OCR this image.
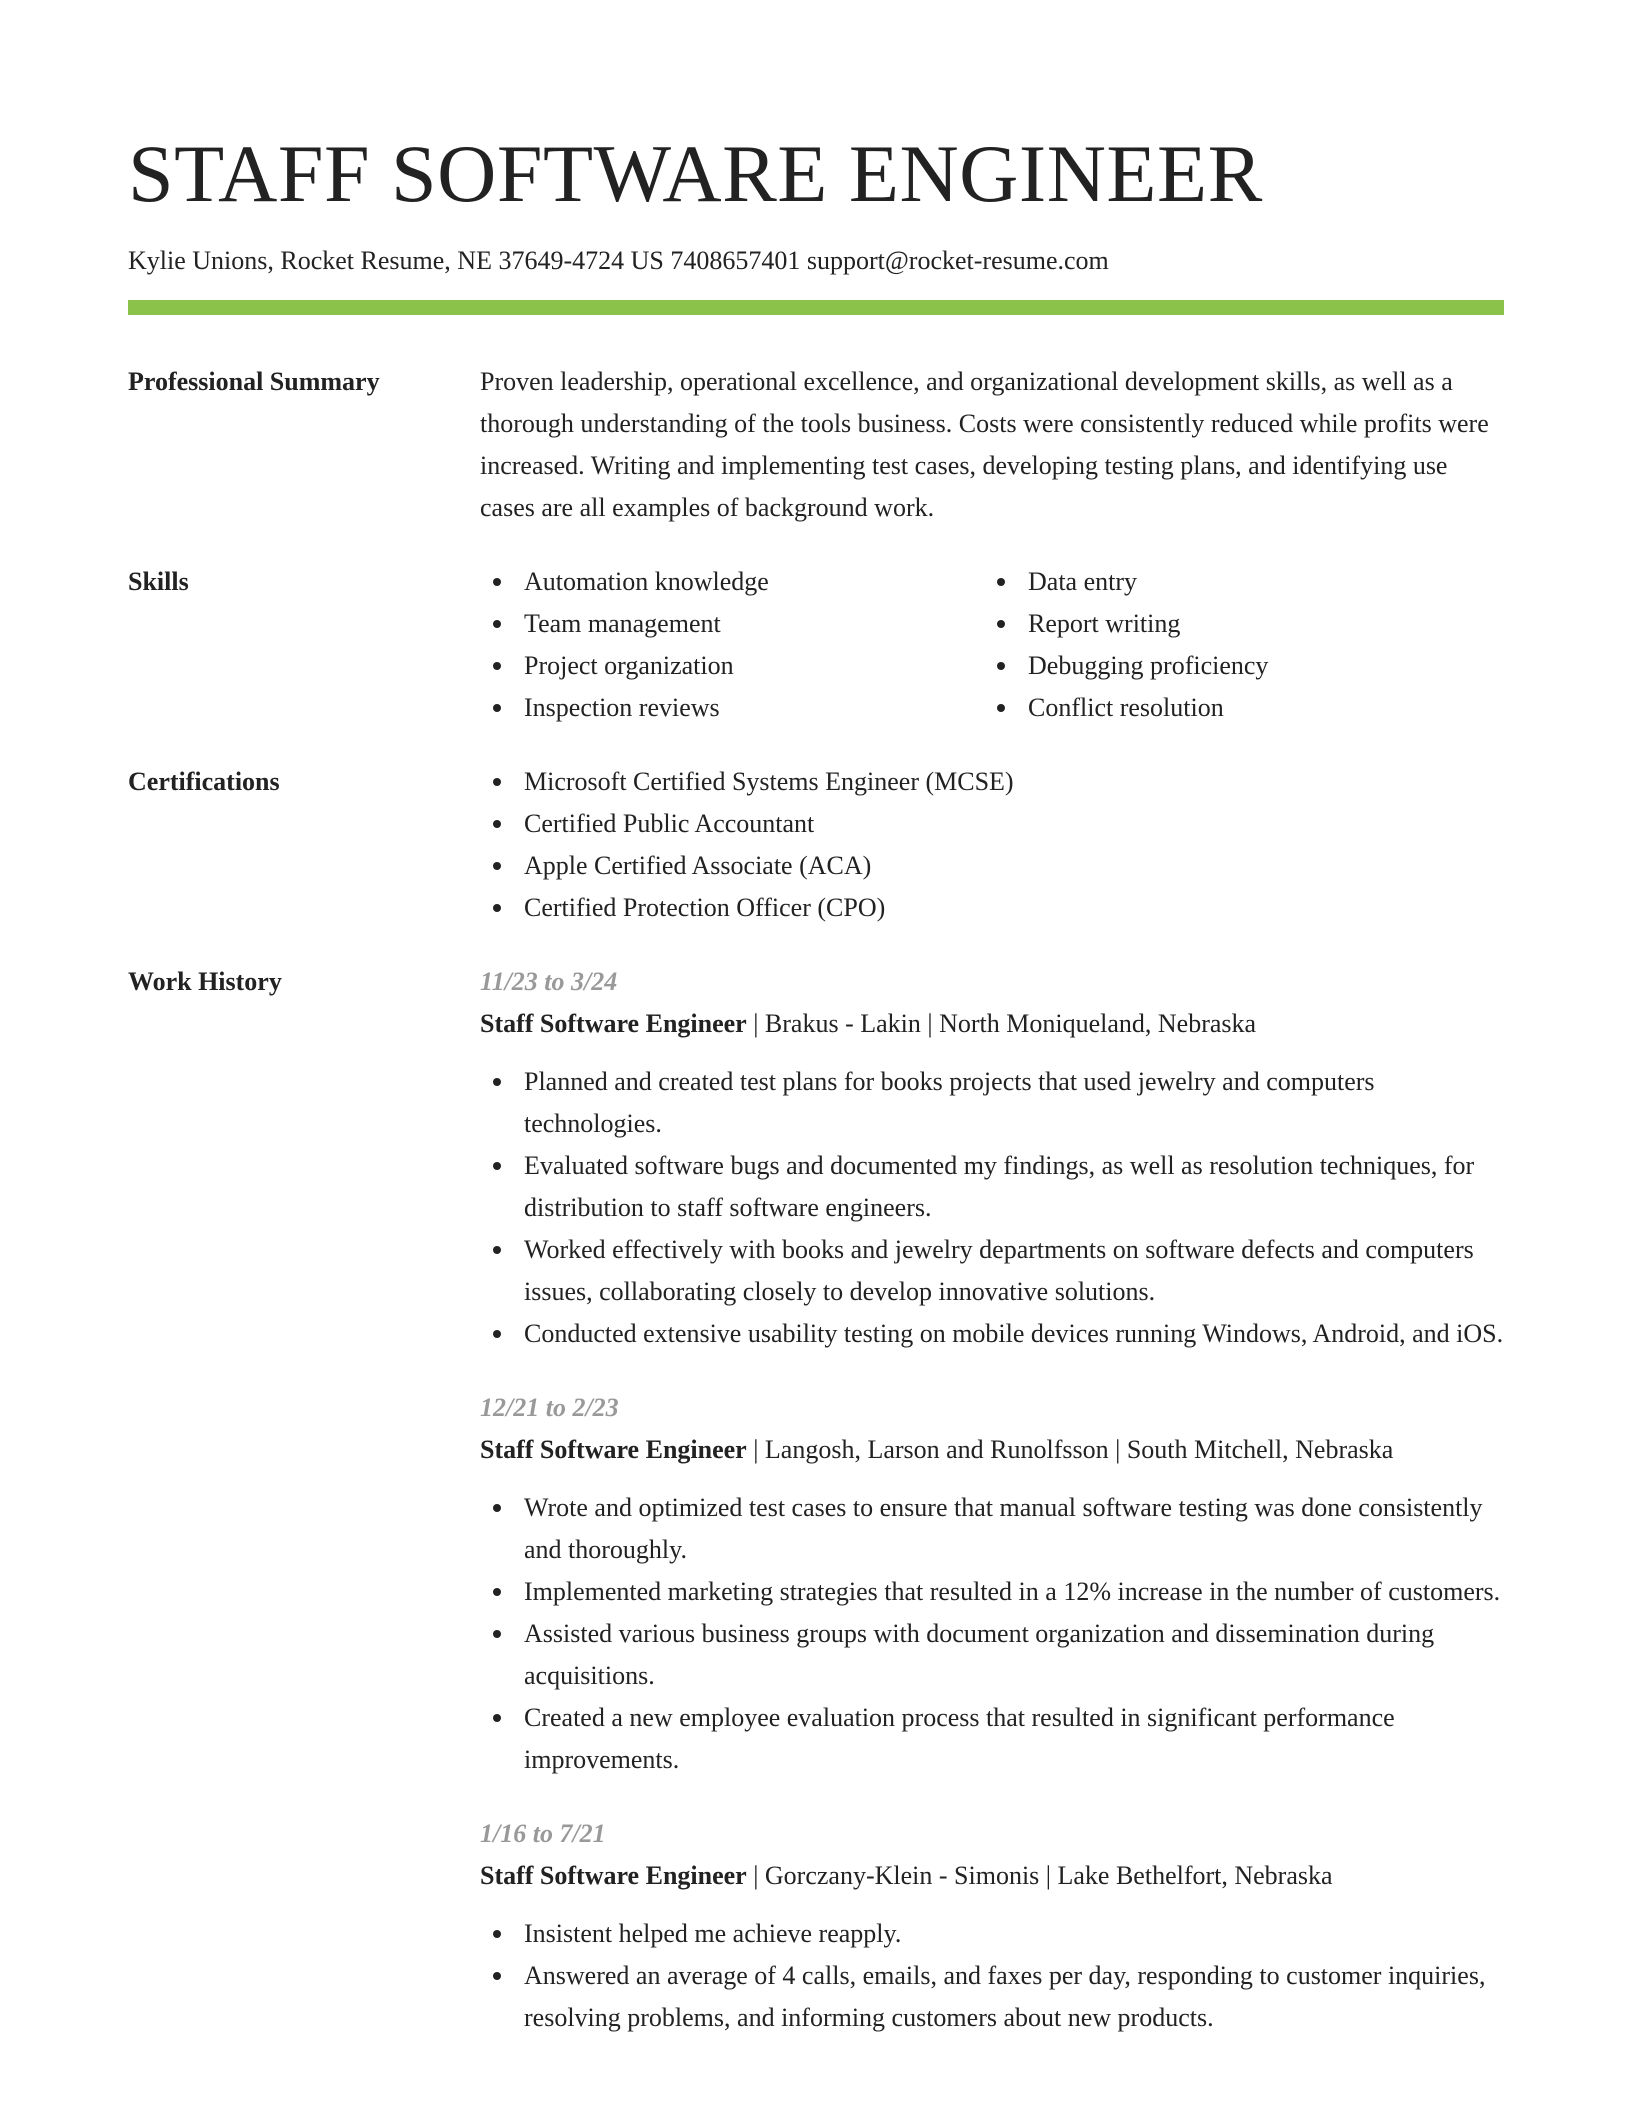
STAFF SOFTWARE ENGINEER
Kylie Unions, Rocket Resume, NE 37649-4724 US 7408657401 support@rocket-resume.com
Professional Summary	Proven leadership, operational excellence, and organizational development skills, as well as a thorough understanding of the tools business. Costs were consistently reduced while profits were increased. Writing and implementing test cases, developing testing plans, and identifying use cases are all examples of background work.
Skills	Automation knowledge
Team management
Project organization
Inspection reviews
Data entry
Report writing
Debugging proficiency
Conflict resolution
Certifications	Microsoft Certified Systems Engineer (MCSE)
Certified Public Accountant
Apple Certified Associate (ACA)
Certified Protection Officer (CPO)
Work History	11/23 to 3/24
Staff Software Engineer | Brakus - Lakin | North Moniqueland, Nebraska
Planned and created test plans for books projects that used jewelry and computers technologies.
Evaluated software bugs and documented my findings, as well as resolution techniques, for distribution to staff software engineers.
Worked effectively with books and jewelry departments on software defects and computers issues, collaborating closely to develop innovative solutions.
Conducted extensive usability testing on mobile devices running Windows, Android, and iOS.
12/21 to 2/23
Staff Software Engineer | Langosh, Larson and Runolfsson | South Mitchell, Nebraska
Wrote and optimized test cases to ensure that manual software testing was done consistently and thoroughly.
Implemented marketing strategies that resulted in a 12% increase in the number of customers.
Assisted various business groups with document organization and dissemination during acquisitions.
Created a new employee evaluation process that resulted in significant performance improvements.
1/16 to 7/21
Staff Software Engineer | Gorczany-Klein - Simonis | Lake Bethelfort, Nebraska
Insistent helped me achieve reapply.
Answered an average of 4 calls, emails, and faxes per day, responding to customer inquiries, resolving problems, and informing customers about new products.
